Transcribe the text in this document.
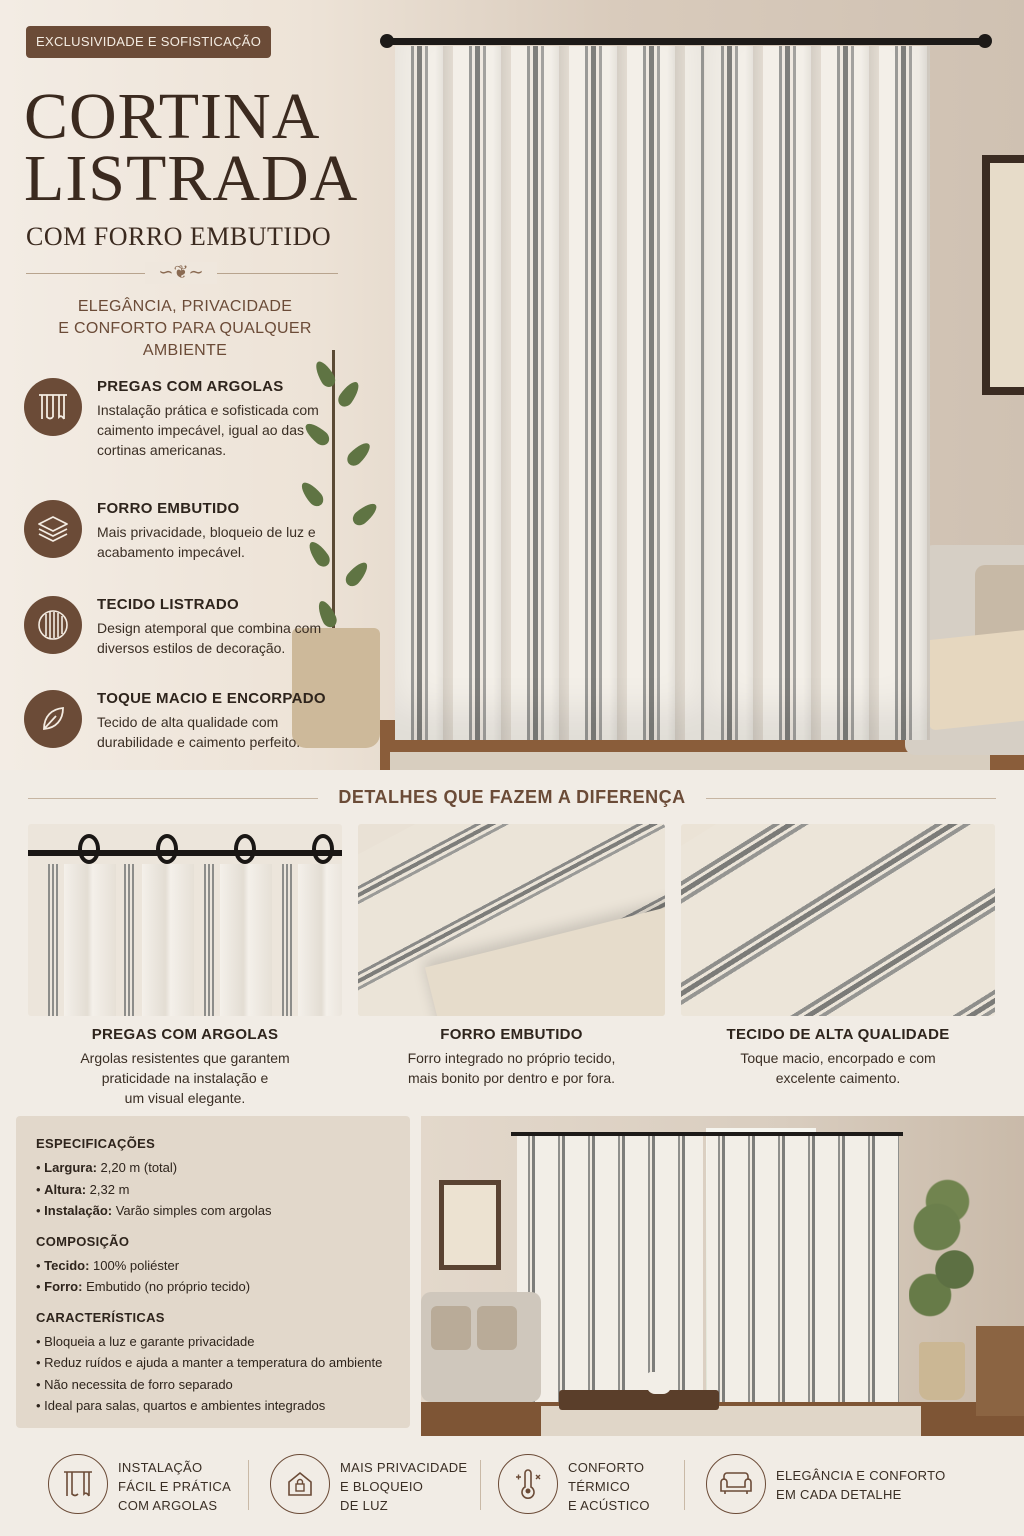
EXCLUSIVIDADE E SOFISTICAÇÃO
CORTINA
LISTRADA
COM FORRO EMBUTIDO
∽❦∼
ELEGÂNCIA, PRIVACIDADE
E CONFORTO PARA QUALQUER AMBIENTE
PREGAS COM ARGOLAS
Instalação prática e sofisticada com caimento impecável, igual ao das cortinas americanas.
FORRO EMBUTIDO
Mais privacidade, bloqueio de luz e acabamento impecável.
TECIDO LISTRADO
Design atemporal que combina com diversos estilos de decoração.
TOQUE MACIO E ENCORPADO
Tecido de alta qualidade com durabilidade e caimento perfeito.
DETALHES QUE FAZEM A DIFERENÇA
PREGAS COM ARGOLAS
Argolas resistentes que garantem
praticidade na instalação e
um visual elegante.
FORRO EMBUTIDO
Forro integrado no próprio tecido,
mais bonito por dentro e por fora.
TECIDO DE ALTA QUALIDADE
Toque macio, encorpado e com
excelente caimento.
ESPECIFICAÇÕES
• Largura: 2,20 m (total)
• Altura: 2,32 m
• Instalação: Varão simples com argolas
COMPOSIÇÃO
• Tecido: 100% poliéster
• Forro: Embutido (no próprio tecido)
CARACTERÍSTICAS
• Bloqueia a luz e garante privacidade
• Reduz ruídos e ajuda a manter a temperatura do ambiente
• Não necessita de forro separado
• Ideal para salas, quartos e ambientes integrados
INSTALAÇÃO
FÁCIL E PRÁTICA
COM ARGOLAS
MAIS PRIVACIDADE
E BLOQUEIO
DE LUZ
CONFORTO
TÉRMICO
E ACÚSTICO
ELEGÂNCIA E CONFORTO
EM CADA DETALHE
